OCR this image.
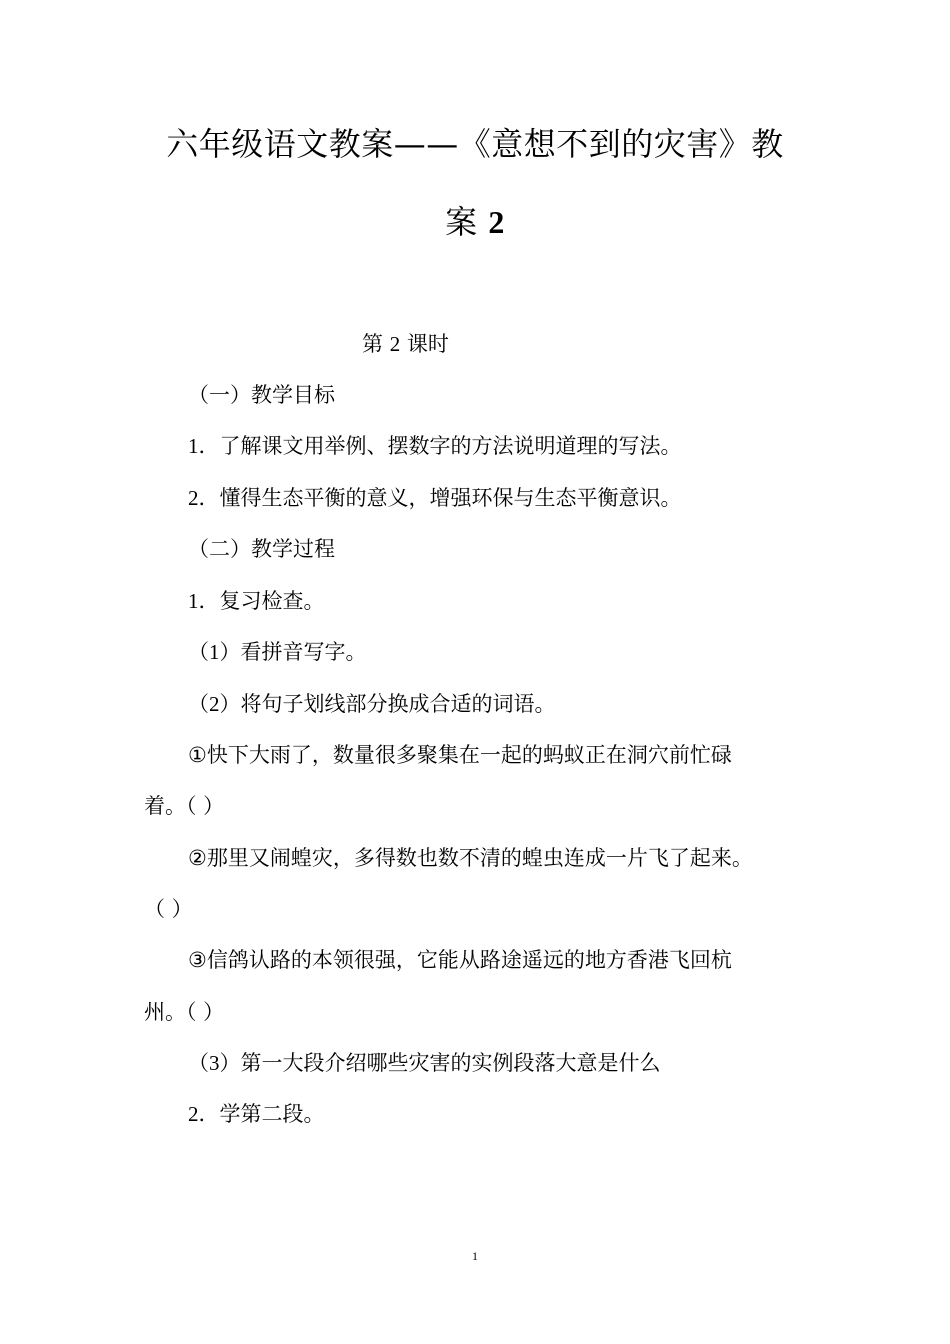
六年级语文教案——《意想不到的灾害》教
案 2

第 2 课时

（一）教学目标

1．了解课文用举例、摆数字的方法说明道理的写法。

2．懂得生态平衡的意义，增强环保与生态平衡意识。

（二）教学过程

1．复习检查。

（1）看拼音写字。

（2）将句子划线部分换成合适的词语。

①快下大雨了，数量很多聚集在一起的蚂蚁正在洞穴前忙碌

着。（ ）

②那里又闹蝗灾，多得数也数不清的蝗虫连成一片飞了起来。

（ ）

③信鸽认路的本领很强，它能从路途遥远的地方香港飞回杭

州。（ ）

（3）第一大段介绍哪些灾害的实例段落大意是什么

2．学第二段。

1
